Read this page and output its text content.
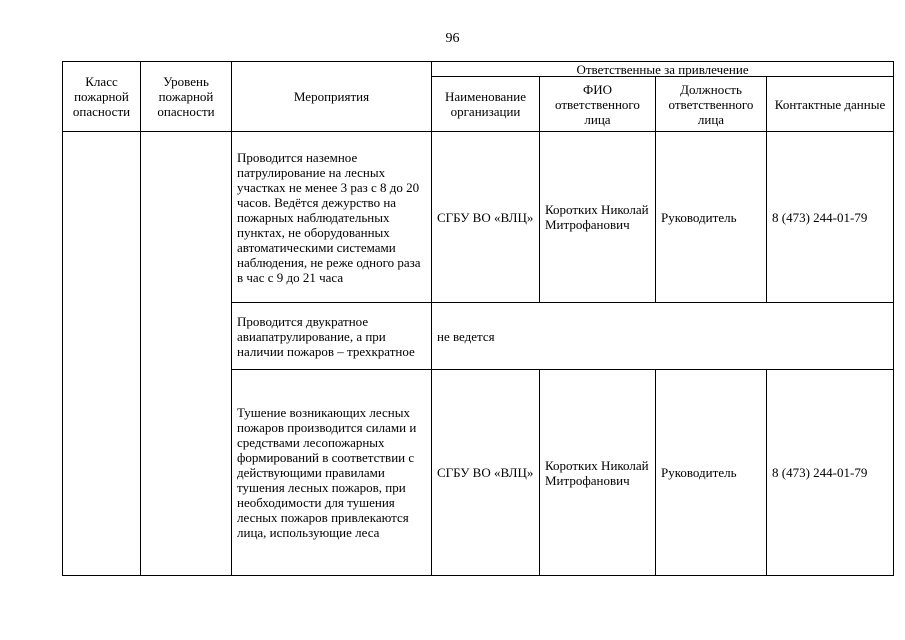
96
Класс пожарной опасности	Уровень пожарной опасности	Мероприятия	Ответственные за привлечение			
			Наименование организации	ФИО ответственного лица	Должность ответственного лица	Контактные данные
		Проводится наземное патрулирование на лесных участках не менее 3 раз с 8 до 20 часов. Ведётся дежурство на пожарных наблюдательных пунктах, не оборудованных автоматическими системами наблюдения, не реже одного раза в час с 9 до 21 часа	СГБУ ВО «ВЛЦ»	Коротких Николай Митрофанович	Руководитель	8 (473) 244-01-79
		Проводится двукратное авиапатрулирование, а при наличии пожаров – трехкратное	не ведется			
		Тушение возникающих лесных пожаров производится силами и средствами лесопожарных формирований в соответствии с действующими правилами тушения лесных пожаров, при необходимости для тушения лесных пожаров привлекаются лица, использующие леса	СГБУ ВО «ВЛЦ»	Коротких Николай Митрофанович	Руководитель	8 (473) 244-01-79
